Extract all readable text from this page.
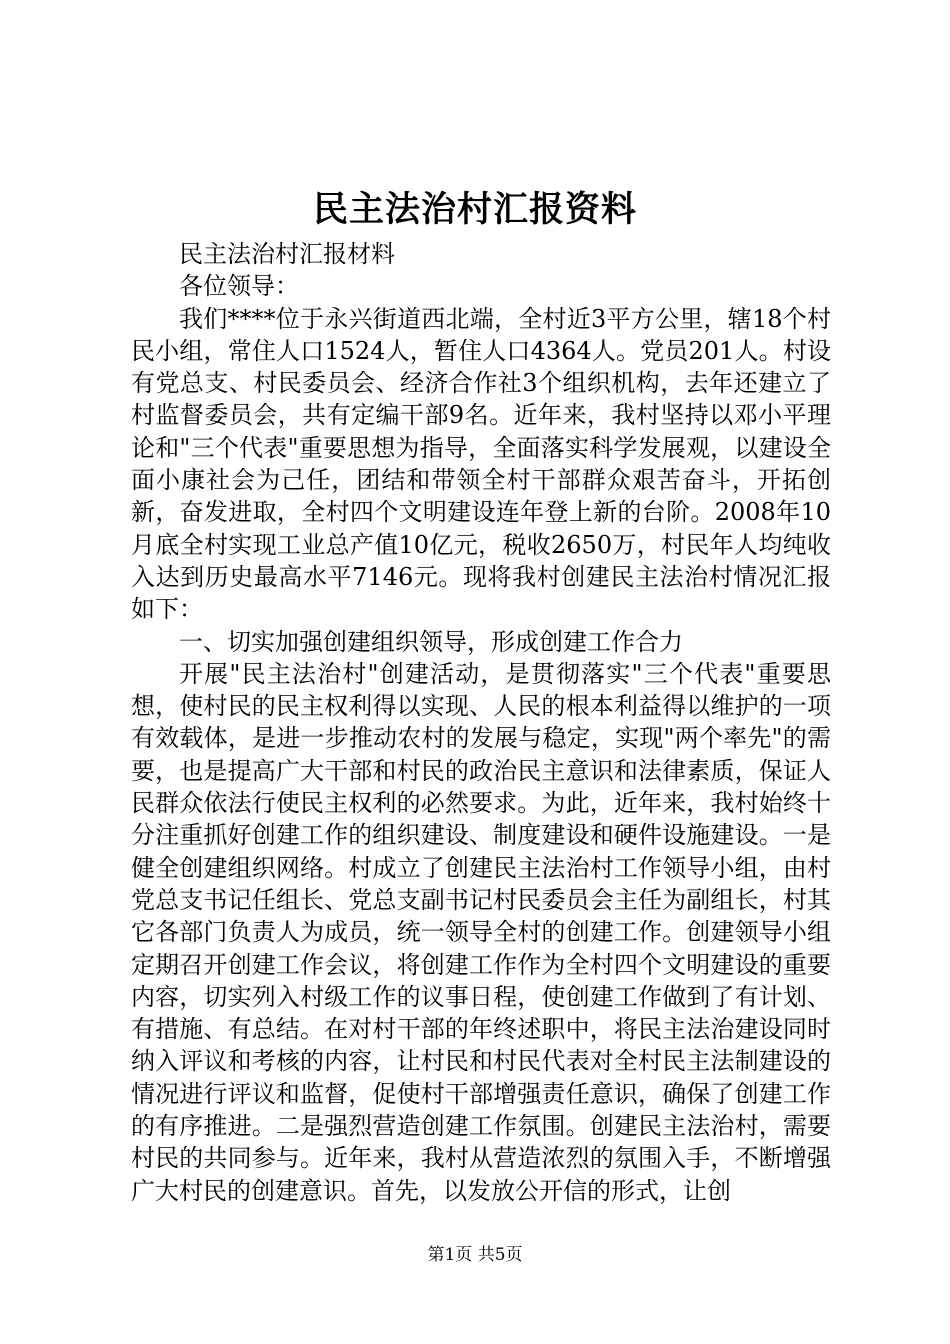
民主法治村汇报资料

民主法治村汇报材料

各位领导：

我们****位于永兴街道西北端，全村近3平方公里，辖18个村民小组，常住人口1524人，暂住人口4364人。党员201人。村设有党总支、村民委员会、经济合作社3个组织机构，去年还建立了村监督委员会，共有定编干部9名。近年来，我村坚持以邓小平理论和"三个代表"重要思想为指导，全面落实科学发展观，以建设全面小康社会为己任，团结和带领全村干部群众艰苦奋斗，开拓创新，奋发进取，全村四个文明建设连年登上新的台阶。2008年10月底全村实现工业总产值10亿元，税收2650万，村民年人均纯收入达到历史最高水平7146元。现将我村创建民主法治村情况汇报如下：

一、切实加强创建组织领导，形成创建工作合力

开展"民主法治村"创建活动，是贯彻落实"三个代表"重要思想，使村民的民主权利得以实现、人民的根本利益得以维护的一项有效载体，是进一步推动农村的发展与稳定，实现"两个率先"的需要，也是提高广大干部和村民的政治民主意识和法律素质，保证人民群众依法行使民主权利的必然要求。为此，近年来，我村始终十分注重抓好创建工作的组织建设、制度建设和硬件设施建设。一是健全创建组织网络。村成立了创建民主法治村工作领导小组，由村党总支书记任组长、党总支副书记村民委员会主任为副组长，村其它各部门负责人为成员，统一领导全村的创建工作。创建领导小组定期召开创建工作会议，将创建工作作为全村四个文明建设的重要内容，切实列入村级工作的议事日程，使创建工作做到了有计划、有措施、有总结。在对村干部的年终述职中，将民主法治建设同时纳入评议和考核的内容，让村民和村民代表对全村民主法制建设的情况进行评议和监督，促使村干部增强责任意识，确保了创建工作的有序推进。二是强烈营造创建工作氛围。创建民主法治村，需要村民的共同参与。近年来，我村从营造浓烈的氛围入手，不断增强广大村民的创建意识。首先，以发放公开信的形式，让创

第1页 共5页
